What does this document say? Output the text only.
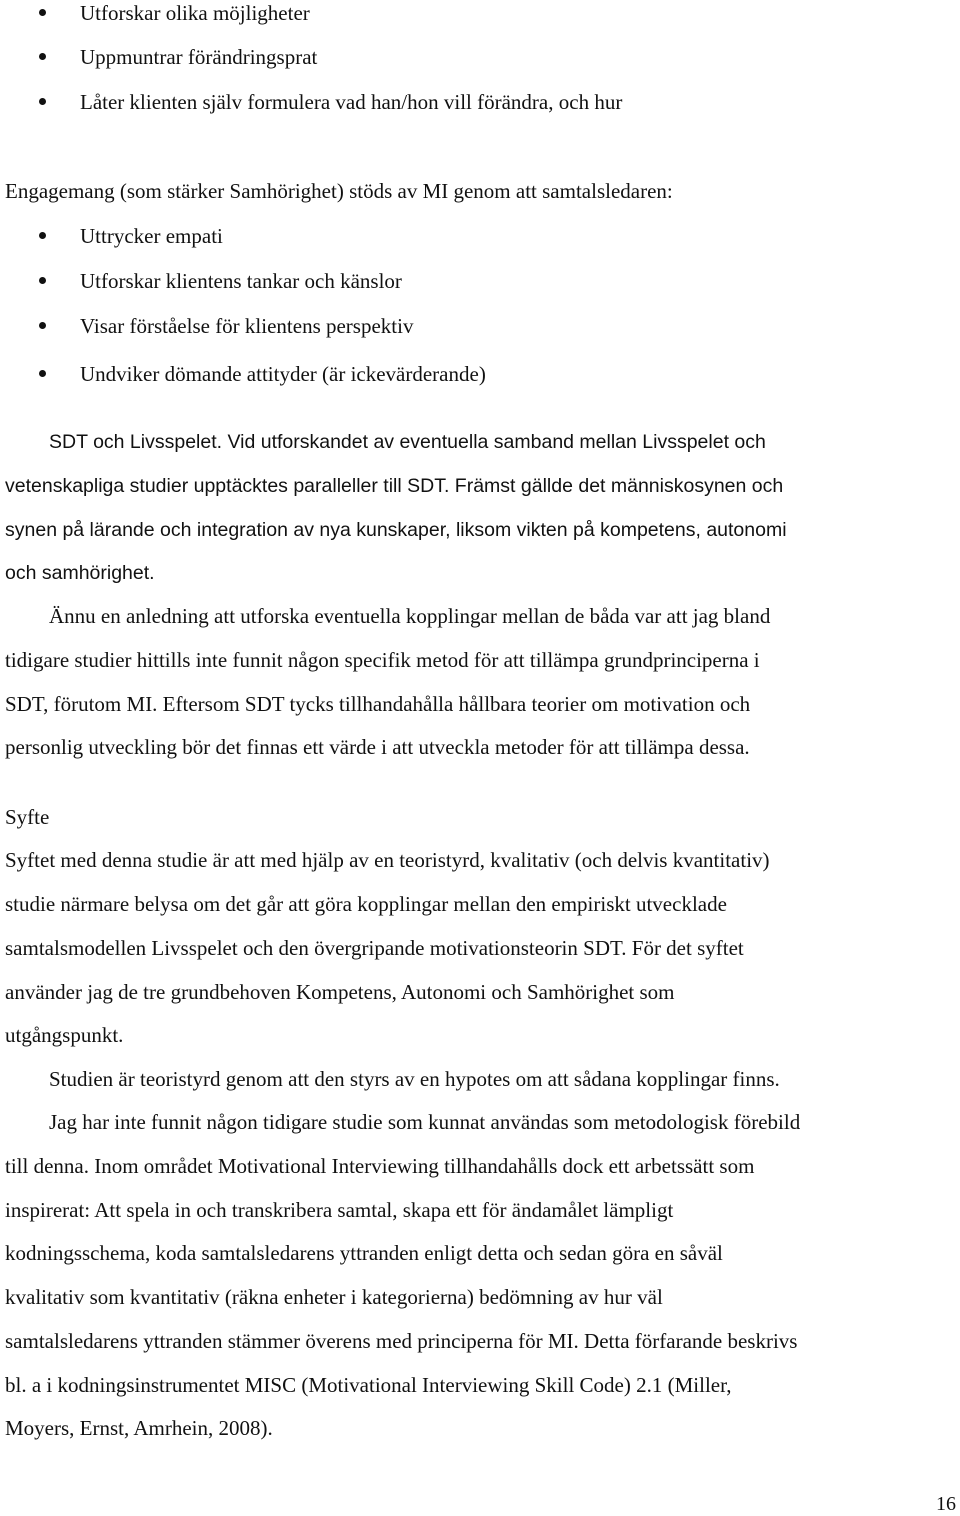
Utforskar olika möjligheter
Uppmuntrar förändringsprat
Låter klienten själv formulera vad han/hon vill förändra, och hur
Engagemang (som stärker Samhörighet) stöds av MI genom att samtalsledaren:
Uttrycker empati
Utforskar klientens tankar och känslor
Visar förståelse för klientens perspektiv
Undviker dömande attityder (är ickevärderande)
SDT och Livsspelet. Vid utforskandet av eventuella samband mellan Livsspelet och
vetenskapliga studier upptäcktes paralleller till SDT. Främst gällde det människosynen och
synen på lärande och integration av nya kunskaper, liksom vikten på kompetens, autonomi
och samhörighet.
Ännu en anledning att utforska eventuella kopplingar mellan de båda var att jag bland
tidigare studier hittills inte funnit någon specifik metod för att tillämpa grundprinciperna i
SDT, förutom MI. Eftersom SDT tycks tillhandahålla hållbara teorier om motivation och
personlig utveckling bör det finnas ett värde i att utveckla metoder för att tillämpa dessa.
Syfte
Syftet med denna studie är att med hjälp av en teoristyrd, kvalitativ (och delvis kvantitativ)
studie närmare belysa om det går att göra kopplingar mellan den empiriskt utvecklade
samtalsmodellen Livsspelet och den övergripande motivationsteorin SDT. För det syftet
använder jag de tre grundbehoven Kompetens, Autonomi och Samhörighet som
utgångspunkt.
Studien är teoristyrd genom att den styrs av en hypotes om att sådana kopplingar finns.
Jag har inte funnit någon tidigare studie som kunnat användas som metodologisk förebild
till denna. Inom området Motivational Interviewing tillhandahålls dock ett arbetssätt som
inspirerat: Att spela in och transkribera samtal, skapa ett för ändamålet lämpligt
kodningsschema, koda samtalsledarens yttranden enligt detta och sedan göra en såväl
kvalitativ som kvantitativ (räkna enheter i kategorierna) bedömning av hur väl
samtalsledarens yttranden stämmer överens med principerna för MI. Detta förfarande beskrivs
bl. a i kodningsinstrumentet MISC (Motivational Interviewing Skill Code) 2.1 (Miller,
Moyers, Ernst, Amrhein, 2008).
16
